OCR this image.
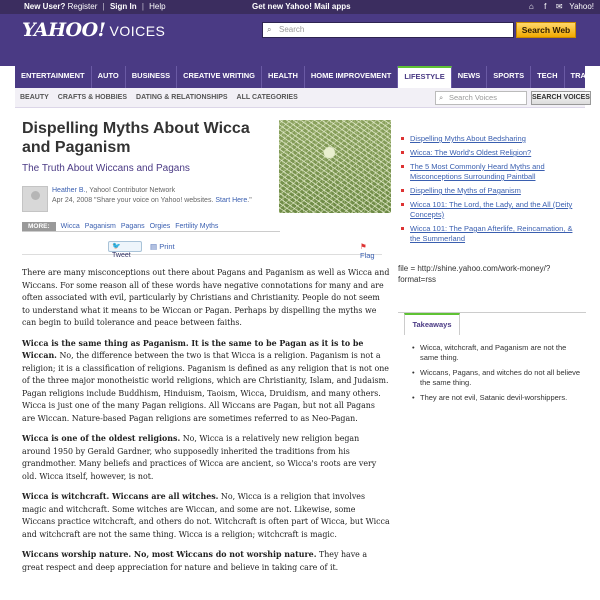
New User? Register | Sign In | Help	Get new Yahoo! Mail apps	⌂	f	✉ Yahoo!
YAHOO! VOICES	⌕ Search	Search Web
ENTERTAINMENT	AUTO	BUSINESS	CREATIVE WRITING	HEALTH	HOME IMPROVEMENT	LIFESTYLE	NEWS	SPORTS	TECH	TRAVEL
BEAUTY CRAFTS & HOBBIES DATING & RELATIONSHIPS ALL CATEGORIES	⌕ Search Voices	SEARCH VOICES
Dispelling Myths About Wicca and Paganism
The Truth About Wiccans and Pagans
Heather B., Yahoo! Contributor Network
Apr 24, 2008 "Share your voice on Yahoo! websites. Start Here."
MORE:	Wicca Paganism Pagans Orgies Fertility Myths
🐦 Tweet
▤ Print	⚑ Flag

There are many misconceptions out there about Pagans and Paganism as well as Wicca and Wiccans. For some reason all of these words have negative connotations for many and are often associated with evil, particularly by Christians and Christianity. People do not seem to understand what it means to be Wiccan or Pagan. Perhaps by dispelling the myths we can begin to build tolerance and peace between faiths.

Wicca is the same thing as Paganism. It is the same to be Pagan as it is to be Wiccan. No, the difference between the two is that Wicca is a religion. Paganism is not a religion; it is a classification of religions. Paganism is defined as any religion that is not one of the three major monotheistic world religions, which are Christianity, Islam, and Judaism. Pagan religions include Buddhism, Hinduism, Taoism, Wicca, Druidism, and many others. Wicca is just one of the many Pagan religions. All Wiccans are Pagan, but not all Pagans are Wiccan. Nature-based Pagan religions are sometimes referred to as Neo-Pagan.

Wicca is one of the oldest religions. No, Wicca is a relatively new religion began around 1950 by Gerald Gardner, who supposedly inherited the traditions from his grandmother. Many beliefs and practices of Wicca are ancient, so Wicca's roots are very old. Wicca itself, however, is not.

Wicca is witchcraft. Wiccans are all witches. No, Wicca is a religion that involves magic and witchcraft. Some witches are Wiccan, and some are not. Likewise, some Wiccans practice witchcraft, and others do not. Witchcraft is often part of Wicca, but Wicca and witchcraft are not the same thing. Wicca is a religion; witchcraft is magic.

Wiccans worship nature. No, most Wiccans do not worship nature. They have a great respect and deep appreciation for nature and believe in taking care of it.

Dispelling Myths About Bedsharing
Wicca: The World's Oldest Religion?
The 5 Most Commonly Heard Myths and Misconceptions Surrounding Paintball
Dispelling the Myths of Paganism
Wicca 101: The Lord, the Lady, and the All (Deity Concepts)
Wicca 101: The Pagan Afterlife, Reincarnation, & the Summerland
file = http://shine.yahoo.com/work-money/?format=rss
Takeaways
• Wicca, witchcraft, and Paganism are not the same thing.
• Wiccans, Pagans, and witches do not all believe the same thing.
• They are not evil, Satanic devil-worshippers.
